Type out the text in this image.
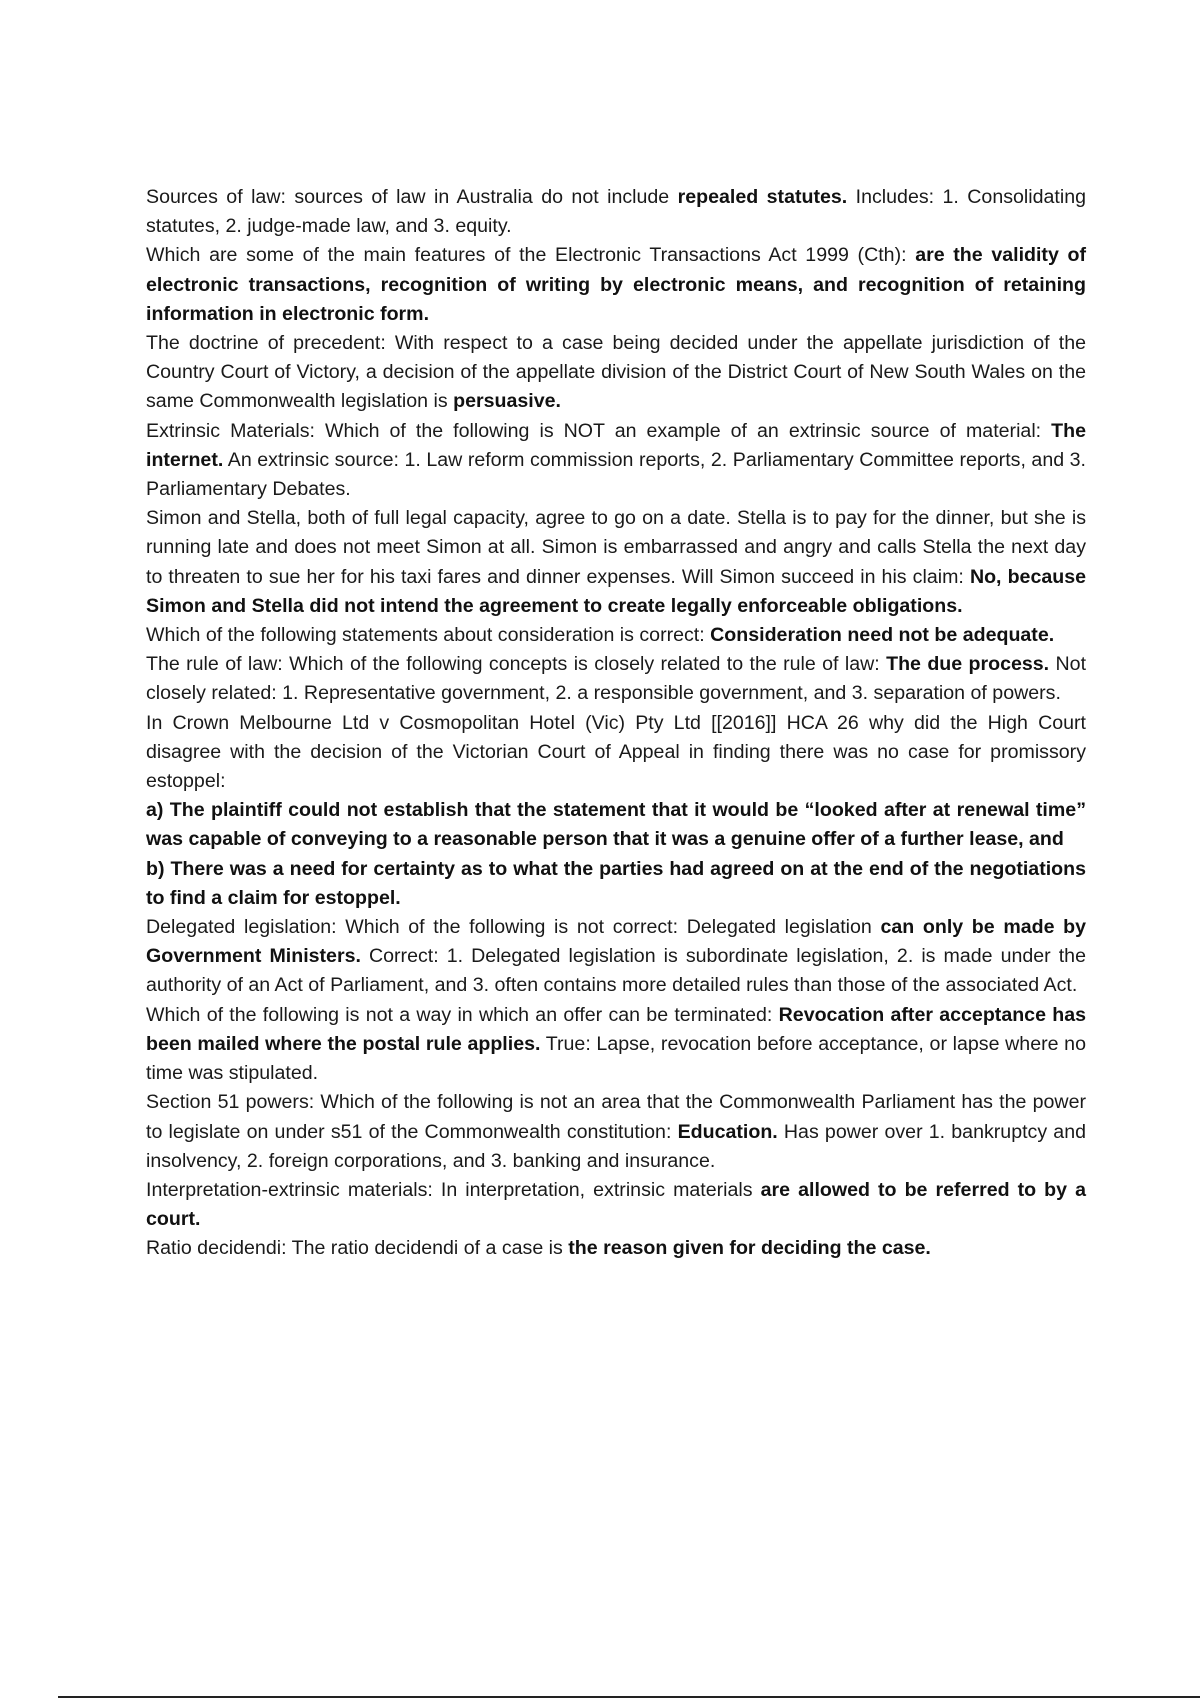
Sources of law: sources of law in Australia do not include repealed statutes. Includes: 1. Consolidating statutes, 2. judge-made law, and 3. equity.

Which are some of the main features of the Electronic Transactions Act 1999 (Cth): are the validity of electronic transactions, recognition of writing by electronic means, and recognition of retaining information in electronic form.

The doctrine of precedent: With respect to a case being decided under the appellate jurisdiction of the Country Court of Victory, a decision of the appellate division of the District Court of New South Wales on the same Commonwealth legislation is persuasive.

Extrinsic Materials: Which of the following is NOT an example of an extrinsic source of material: The internet. An extrinsic source: 1. Law reform commission reports, 2. Parliamentary Committee reports, and 3. Parliamentary Debates.

Simon and Stella, both of full legal capacity, agree to go on a date. Stella is to pay for the dinner, but she is running late and does not meet Simon at all. Simon is embarrassed and angry and calls Stella the next day to threaten to sue her for his taxi fares and dinner expenses. Will Simon succeed in his claim: No, because Simon and Stella did not intend the agreement to create legally enforceable obligations.

Which of the following statements about consideration is correct: Consideration need not be adequate.

The rule of law: Which of the following concepts is closely related to the rule of law: The due process. Not closely related: 1. Representative government, 2. a responsible government, and 3. separation of powers.

In Crown Melbourne Ltd v Cosmopolitan Hotel (Vic) Pty Ltd [[2016]] HCA 26 why did the High Court disagree with the decision of the Victorian Court of Appeal in finding there was no case for promissory estoppel:

a) The plaintiff could not establish that the statement that it would be “looked after at renewal time” was capable of conveying to a reasonable person that it was a genuine offer of a further lease, and

b) There was a need for certainty as to what the parties had agreed on at the end of the negotiations to find a claim for estoppel.

Delegated legislation: Which of the following is not correct: Delegated legislation can only be made by Government Ministers. Correct: 1. Delegated legislation is subordinate legislation, 2. is made under the authority of an Act of Parliament, and 3. often contains more detailed rules than those of the associated Act.

Which of the following is not a way in which an offer can be terminated: Revocation after acceptance has been mailed where the postal rule applies. True: Lapse, revocation before acceptance, or lapse where no time was stipulated.

Section 51 powers: Which of the following is not an area that the Commonwealth Parliament has the power to legislate on under s51 of the Commonwealth constitution: Education. Has power over 1. bankruptcy and insolvency, 2. foreign corporations, and 3. banking and insurance.

Interpretation-extrinsic materials: In interpretation, extrinsic materials are allowed to be referred to by a court.

Ratio decidendi: The ratio decidendi of a case is the reason given for deciding the case.
